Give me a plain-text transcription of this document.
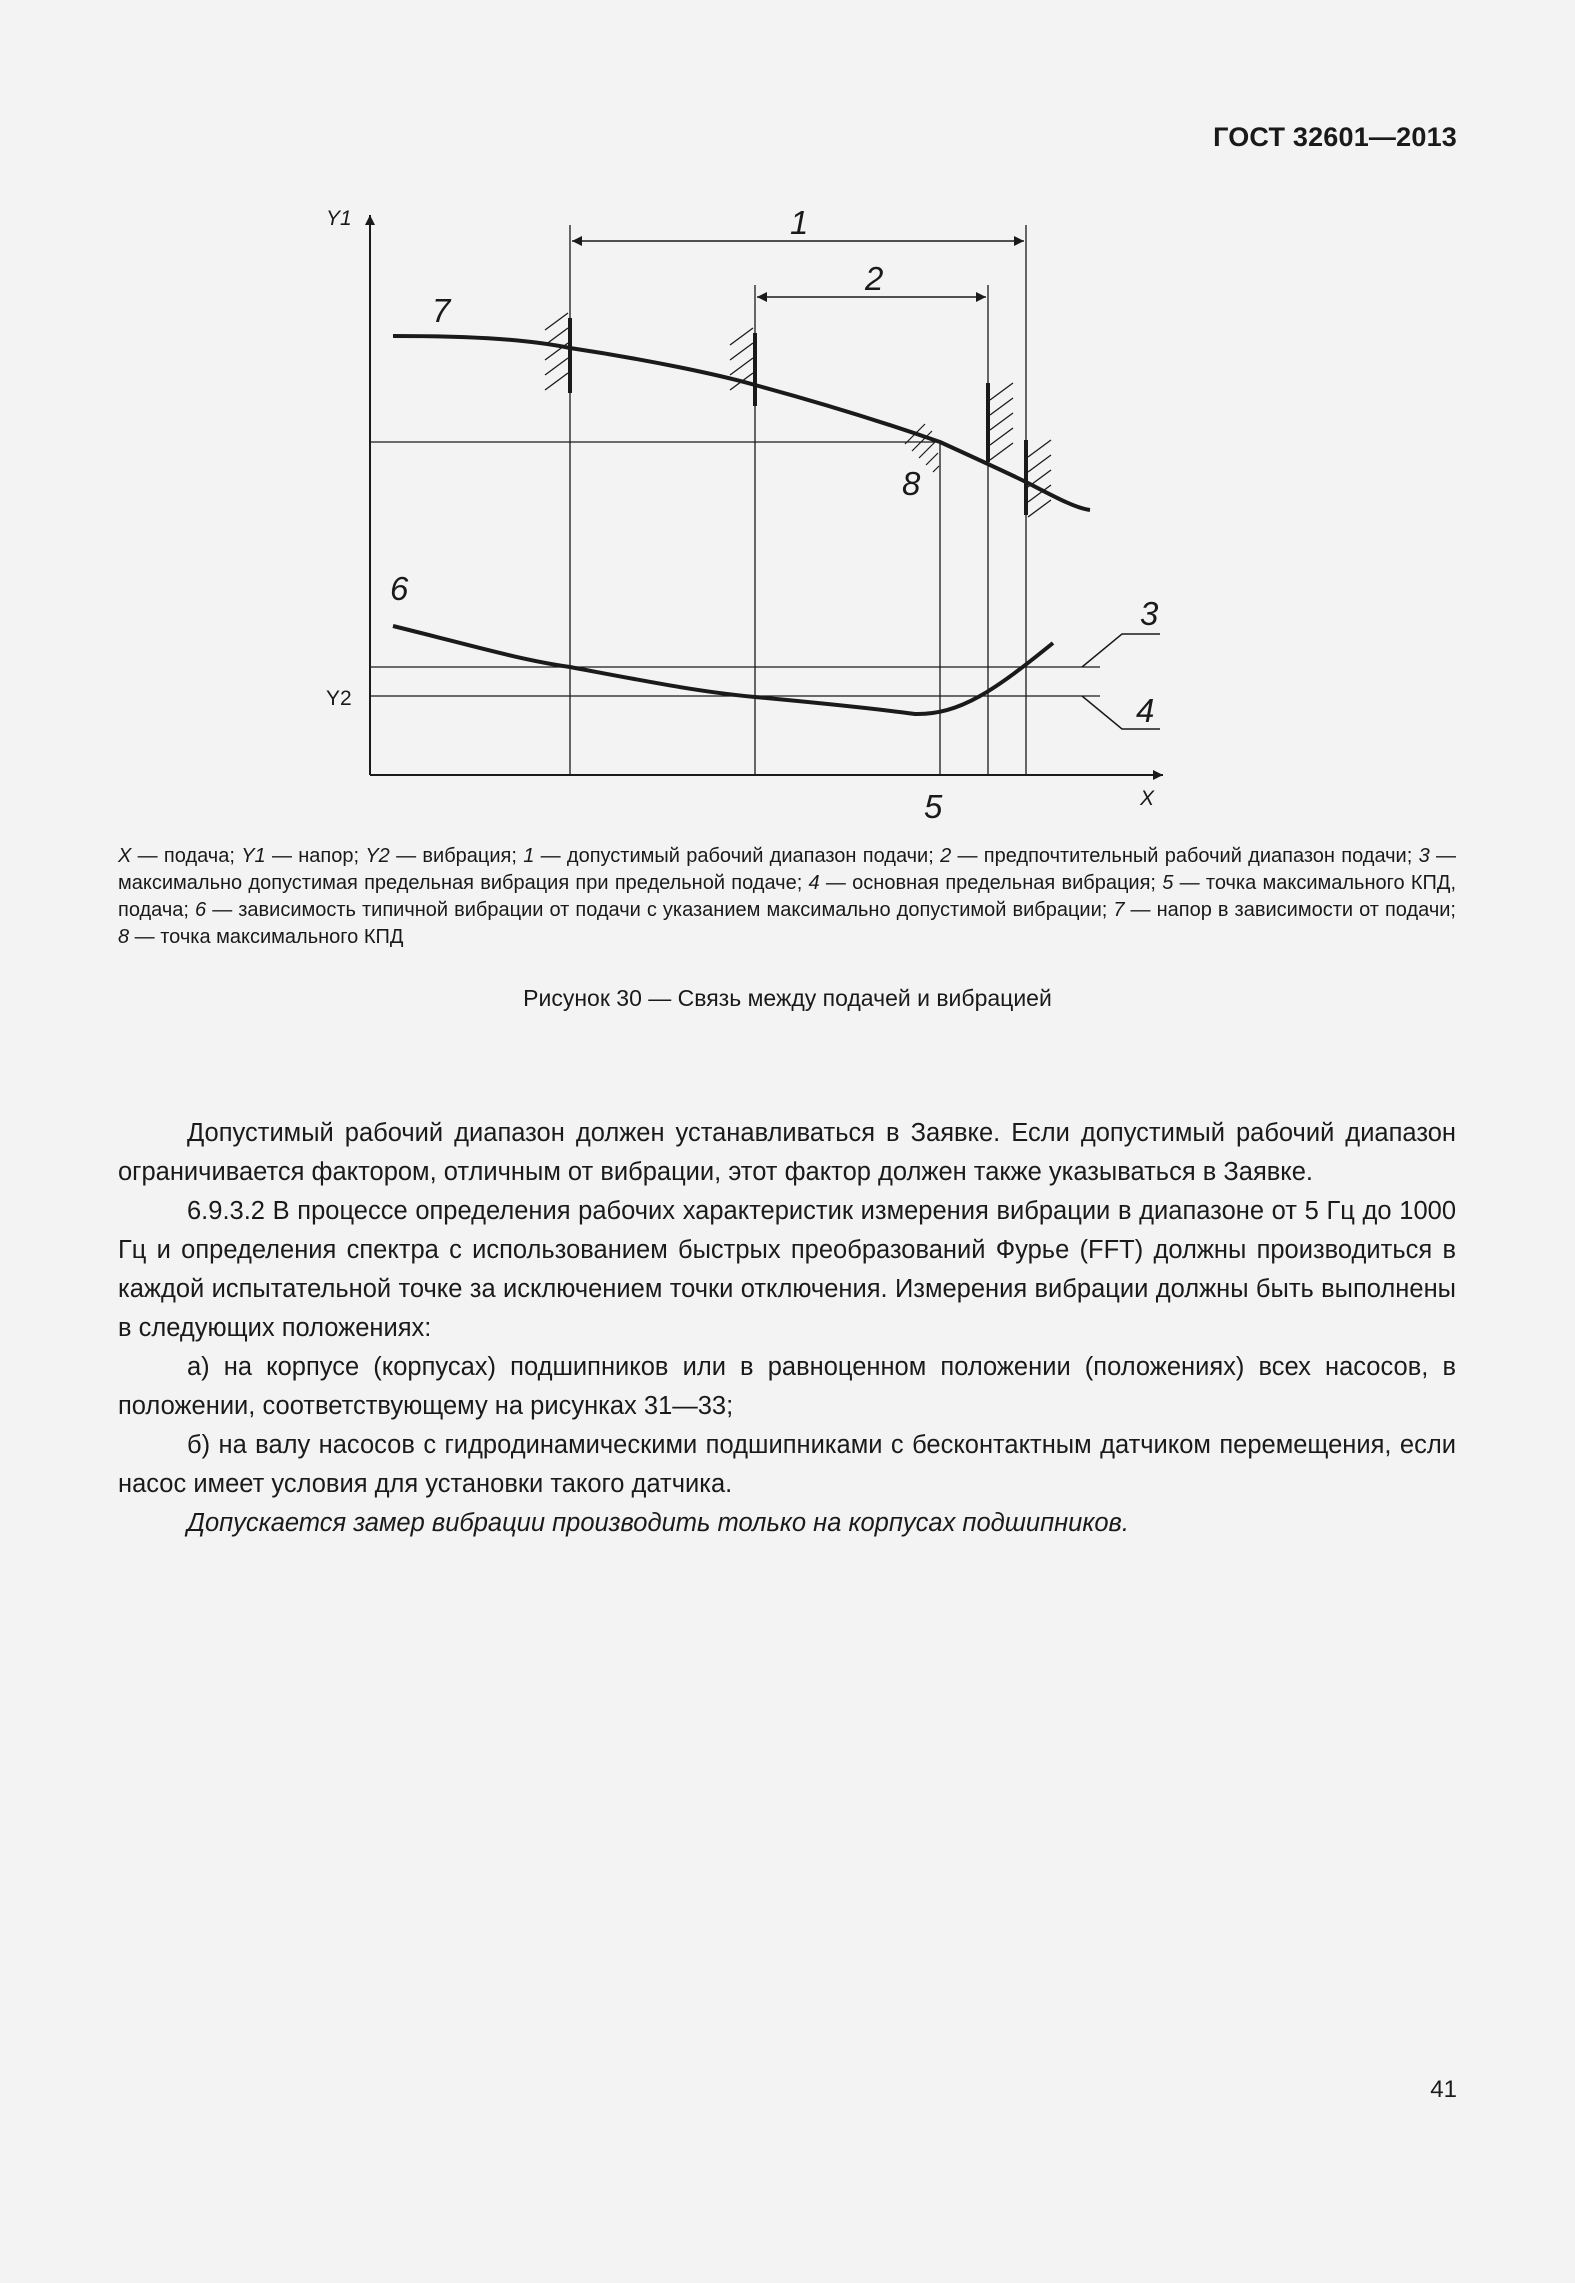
ГОСТ 32601—2013
Y1
Y2
X
1
2
3
4
5
6
7
8
X — подача; Y1 — напор; Y2 — вибрация; 1 — допустимый рабочий диапазон подачи; 2 — предпочтительный рабочий диапазон подачи; 3 — максимально допустимая предельная вибрация при предельной подаче; 4 — основная предельная вибрация; 5 — точка максимального КПД, подача; 6 — зависимость типичной вибрации от подачи с указанием максимально допустимой вибрации; 7 — напор в зависимости от подачи; 8 — точка максимального КПД
Рисунок 30 — Связь между подачей и вибрацией

Допустимый рабочий диапазон должен устанавливаться в Заявке. Если допустимый рабочий диапазон ограничивается фактором, отличным от вибрации, этот фактор должен также указываться в Заявке.

6.9.3.2 В процессе определения рабочих характеристик измерения вибрации в диапазоне от 5 Гц до 1000 Гц и определения спектра с использованием быстрых преобразований Фурье (FFT) должны производиться в каждой испытательной точке за исключением точки отключения. Измерения вибрации должны быть выполнены в следующих положениях:

а) на корпусе (корпусах) подшипников или в равноценном положении (положениях) всех насосов, в положении, соответствующему на рисунках 31—33;

б) на валу насосов с гидродинамическими подшипниками с бесконтактным датчиком перемещения, если насос имеет условия для установки такого датчика.

Допускается замер вибрации производить только на корпусах подшипников.

41
